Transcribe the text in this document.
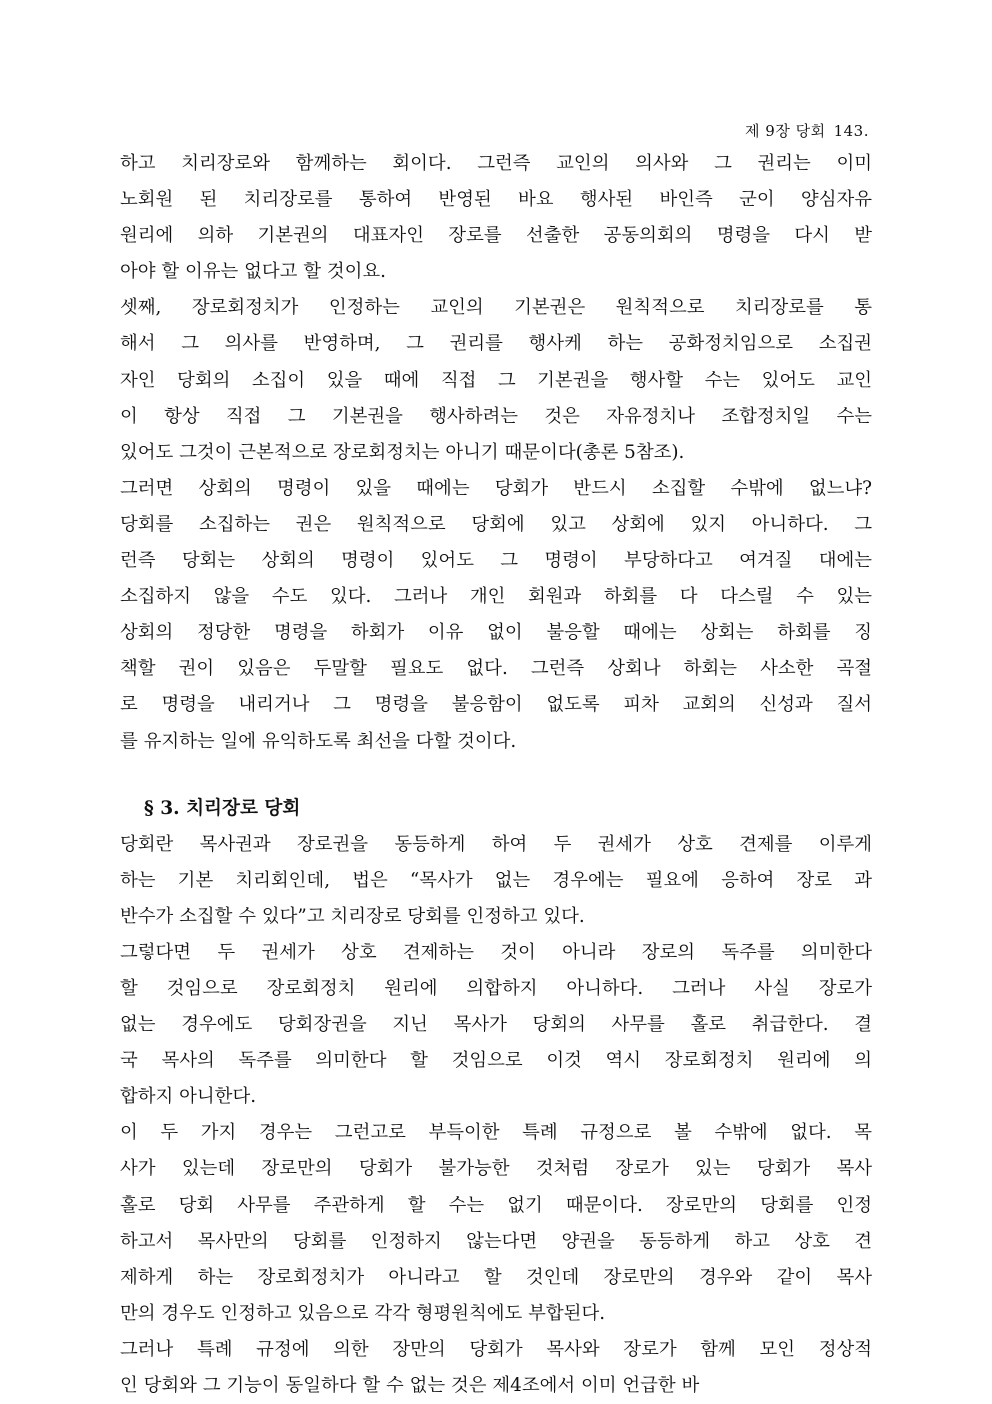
제 9장 당회 143.
하고 치리장로와 함께하는 회이다. 그런즉 교인의 의사와 그 권리는 이미
노회원 된 치리장로를 통하여 반영된 바요 행사된 바인즉 군이 양심자유
원리에 의하 기본권의 대표자인 장로를 선출한 공동의회의 명령을 다시 받
아야 할 이유는 없다고 할 것이요.
셋째, 장로회정치가 인정하는 교인의 기본권은 원칙적으로 치리장로를 통
해서 그 의사를 반영하며, 그 권리를 행사케 하는 공화정치임으로 소집권
자인 당회의 소집이 있을 때에 직접 그 기본권을 행사할 수는 있어도 교인
이 항상 직접 그 기본권을 행사하려는 것은 자유정치나 조합정치일 수는
있어도 그것이 근본적으로 장로회정치는 아니기 때문이다(총론 5참조).
그러면 상회의 명령이 있을 때에는 당회가 반드시 소집할 수밖에 없느냐?
당회를 소집하는 권은 원칙적으로 당회에 있고 상회에 있지 아니하다. 그
런즉 당회는 상회의 명령이 있어도 그 명령이 부당하다고 여겨질 대에는
소집하지 않을 수도 있다. 그러나 개인 회원과 하회를 다 다스릴 수 있는
상회의 정당한 명령을 하회가 이유 없이 불응할 때에는 상회는 하회를 징
책할 권이 있음은 두말할 필요도 없다. 그런즉 상회나 하회는 사소한 곡절
로 명령을 내리거나 그 명령을 불응함이 없도록 피차 교회의 신성과 질서
를 유지하는 일에 유익하도록 최선을 다할 것이다.
§ 3. 치리장로 당회
당회란 목사권과 장로권을 동등하게 하여 두 권세가 상호 견제를 이루게
하는 기본 치리회인데, 법은 “목사가 없는 경우에는 필요에 응하여 장로 과
반수가 소집할 수 있다”고 치리장로 당회를 인정하고 있다.
그렇다면 두 권세가 상호 견제하는 것이 아니라 장로의 독주를 의미한다
할 것임으로 장로회정치 원리에 의합하지 아니하다. 그러나 사실 장로가
없는 경우에도 당회장권을 지닌 목사가 당회의 사무를 홀로 취급한다. 결
국 목사의 독주를 의미한다 할 것임으로 이것 역시 장로회정치 원리에 의
합하지 아니한다.
이 두 가지 경우는 그런고로 부득이한 특례 규정으로 볼 수밖에 없다. 목
사가 있는데 장로만의 당회가 불가능한 것처럼 장로가 있는 당회가 목사
홀로 당회 사무를 주관하게 할 수는 없기 때문이다. 장로만의 당회를 인정
하고서 목사만의 당회를 인정하지 않는다면 양권을 동등하게 하고 상호 견
제하게 하는 장로회정치가 아니라고 할 것인데 장로만의 경우와 같이 목사
만의 경우도 인정하고 있음으로 각각 형평원칙에도 부합된다.
그러나 특례 규정에 의한 장만의 당회가 목사와 장로가 함께 모인 정상적
인 당회와 그 기능이 동일하다 할 수 없는 것은 제4조에서 이미 언급한 바
